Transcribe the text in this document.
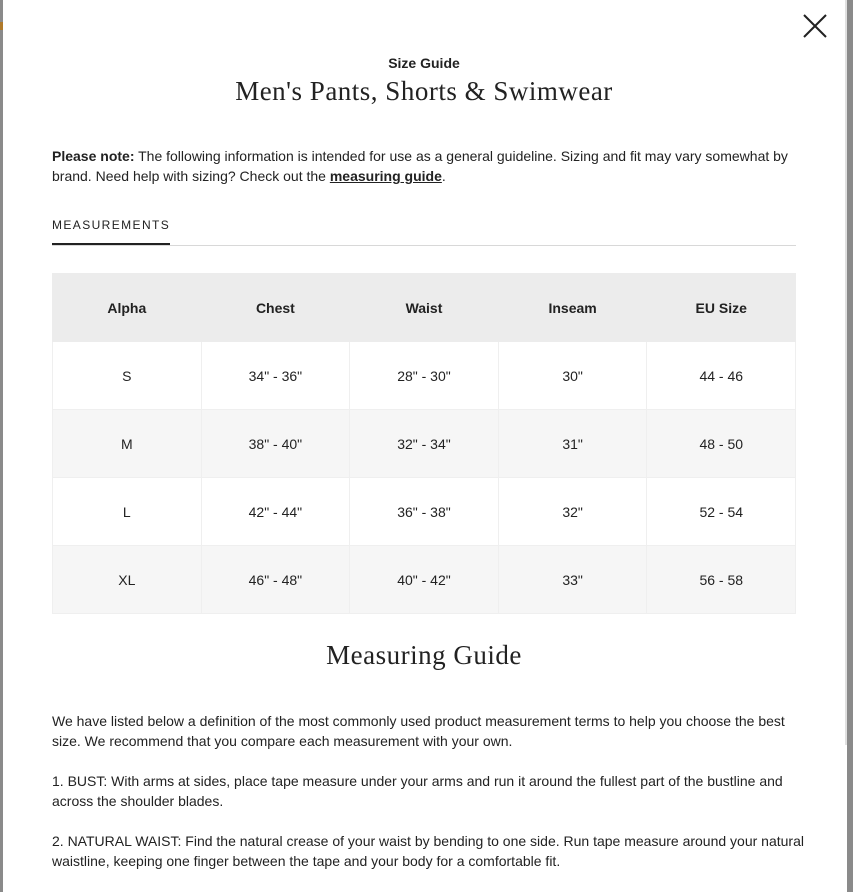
Size Guide
Men's Pants, Shorts & Swimwear
Please note: The following information is intended for use as a general guideline. Sizing and fit may vary somewhat by brand. Need help with sizing? Check out the measuring guide.
MEASUREMENTS
Alpha	Chest	Waist	Inseam	EU Size
S	34" - 36"	28" - 30"	30"	44 - 46
M	38" - 40"	32" - 34"	31"	48 - 50
L	42" - 44"	36" - 38"	32"	52 - 54
XL	46" - 48"	40" - 42"	33"	56 - 58
Measuring Guide
We have listed below a definition of the most commonly used product measurement terms to help you choose the best size. We recommend that you compare each measurement with your own.
1. BUST: With arms at sides, place tape measure under your arms and run it around the fullest part of the bustline and across the shoulder blades.
2. NATURAL WAIST: Find the natural crease of your waist by bending to one side. Run tape measure around your natural waistline, keeping one finger between the tape and your body for a comfortable fit.
